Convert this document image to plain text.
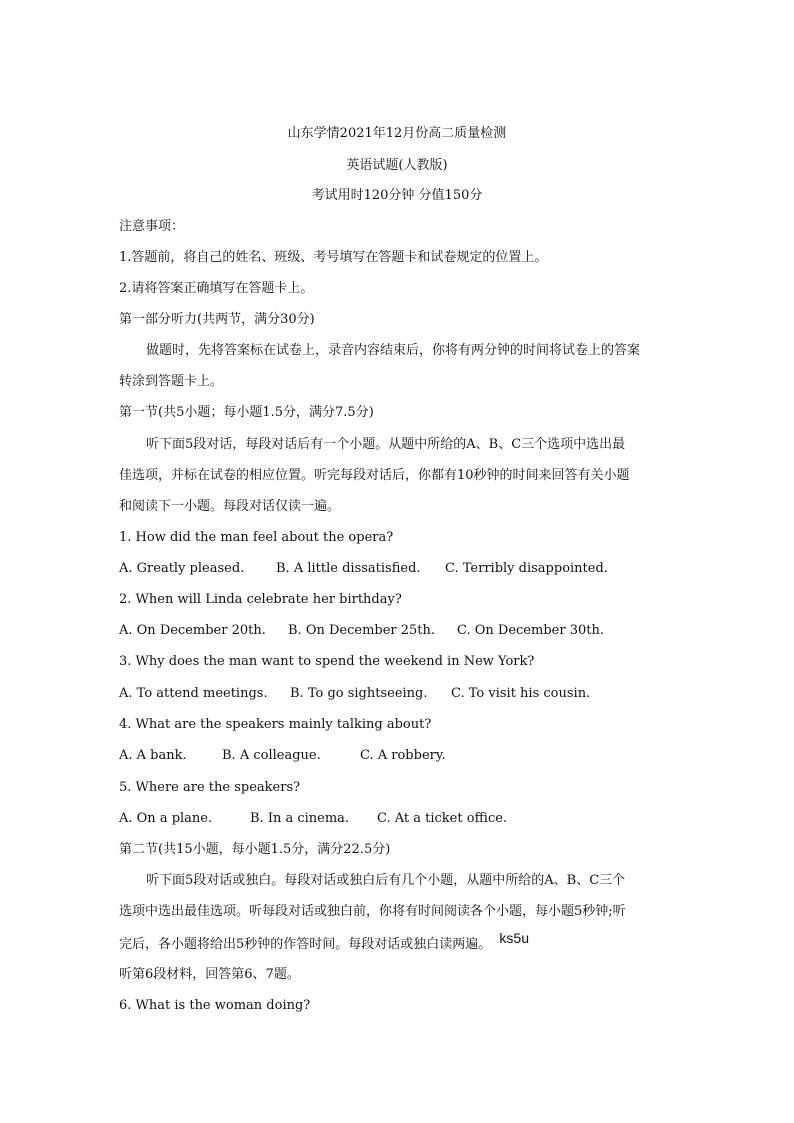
山东学情2021年12月份高二质量检测
英语试题(人教版)
考试用时120分钟 分值150分
注意事项：
1.答题前，将自己的姓名、班级、考号填写在答题卡和试卷规定的位置上。
2.请将答案正确填写在答题卡上。
第一部分听力(共两节，满分30分)
做题时，先将答案标在试卷上，录音内容结束后，你将有两分钟的时间将试卷上的答案
转涂到答题卡上。
第一节(共5小题；每小题1.5分，满分7.5分)
听下面5段对话，每段对话后有一个小题。从题中所给的A、B、C三个选项中选出最
佳选项，并标在试卷的相应位置。听完每段对话后，你都有10秒钟的时间来回答有关小题
和阅读下一小题。每段对话仅读一遍。
1. How did the man feel about the opera?
A. Greatly pleased. B. A little dissatisfied. C. Terribly disappointed.
2. When will Linda celebrate her birthday?
A. On December 20th. B. On December 25th. C. On December 30th.
3. Why does the man want to spend the weekend in New York?
A. To attend meetings. B. To go sightseeing. C. To visit his cousin.
4. What are the speakers mainly talking about?
A. A bank.	B. A colleague.	C. A robbery.
5. Where are the speakers?
A. On a plane.	B. In a cinema. C. At a ticket office.
第二节(共15小题，每小题1.5分，满分22.5分)
听下面5段对话或独白。每段对话或独白后有几个小题，从题中所给的A、B、C三个
选项中选出最佳选项。听每段对话或独白前，你将有时间阅读各个小题，每小题5秒钟;听
完后，各小题将给出5秒钟的作答时间。每段对话或独白读两遍。 ks5u
听第6段材料，回答第6、7题。
6. What is the woman doing?
